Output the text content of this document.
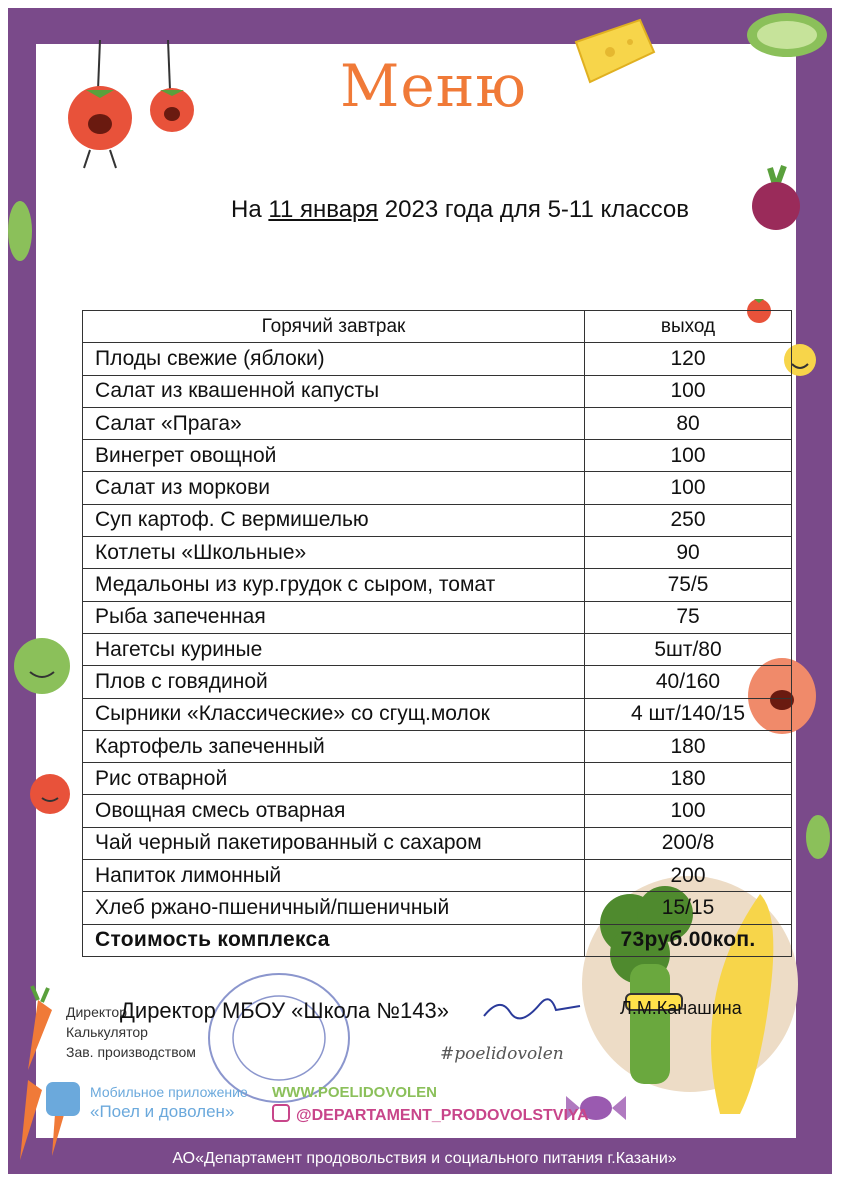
Меню
На 11 января 2023 года для 5-11 классов
Горячий завтрак	выход
Плоды свежие (яблоки)	120
Салат из квашенной капусты	100
Салат «Прага»	80
Винегрет овощной	100
Салат из моркови	100
Суп картоф. С вермишелью	250
Котлеты «Школьные»	90
Медальоны из кур.грудок с сыром, томат	75/5
Рыба запеченная	75
Нагетсы куриные	5шт/80
Плов с говядиной	40/160
Сырники «Классические» со сгущ.молок	4 шт/140/15
Картофель запеченный	180
Рис отварной	180
Овощная смесь отварная	100
Чай черный пакетированный с сахаром	200/8
Напиток лимонный	200
Хлеб ржано-пшеничный/пшеничный	15/15
Стоимость комплекса	73руб.00коп.
Директор
Калькулятор
Зав. производством
Директор МБОУ «Школа №143»	Л.М.Канашина
#poelidovolen
Мобильное приложение
«Поел и доволен»
WWW.POELIDOVOLEN
@DEPARTAMENT_PRODOVOLSTVIYA
АО«Департамент продовольствия и социального питания г.Казани»
